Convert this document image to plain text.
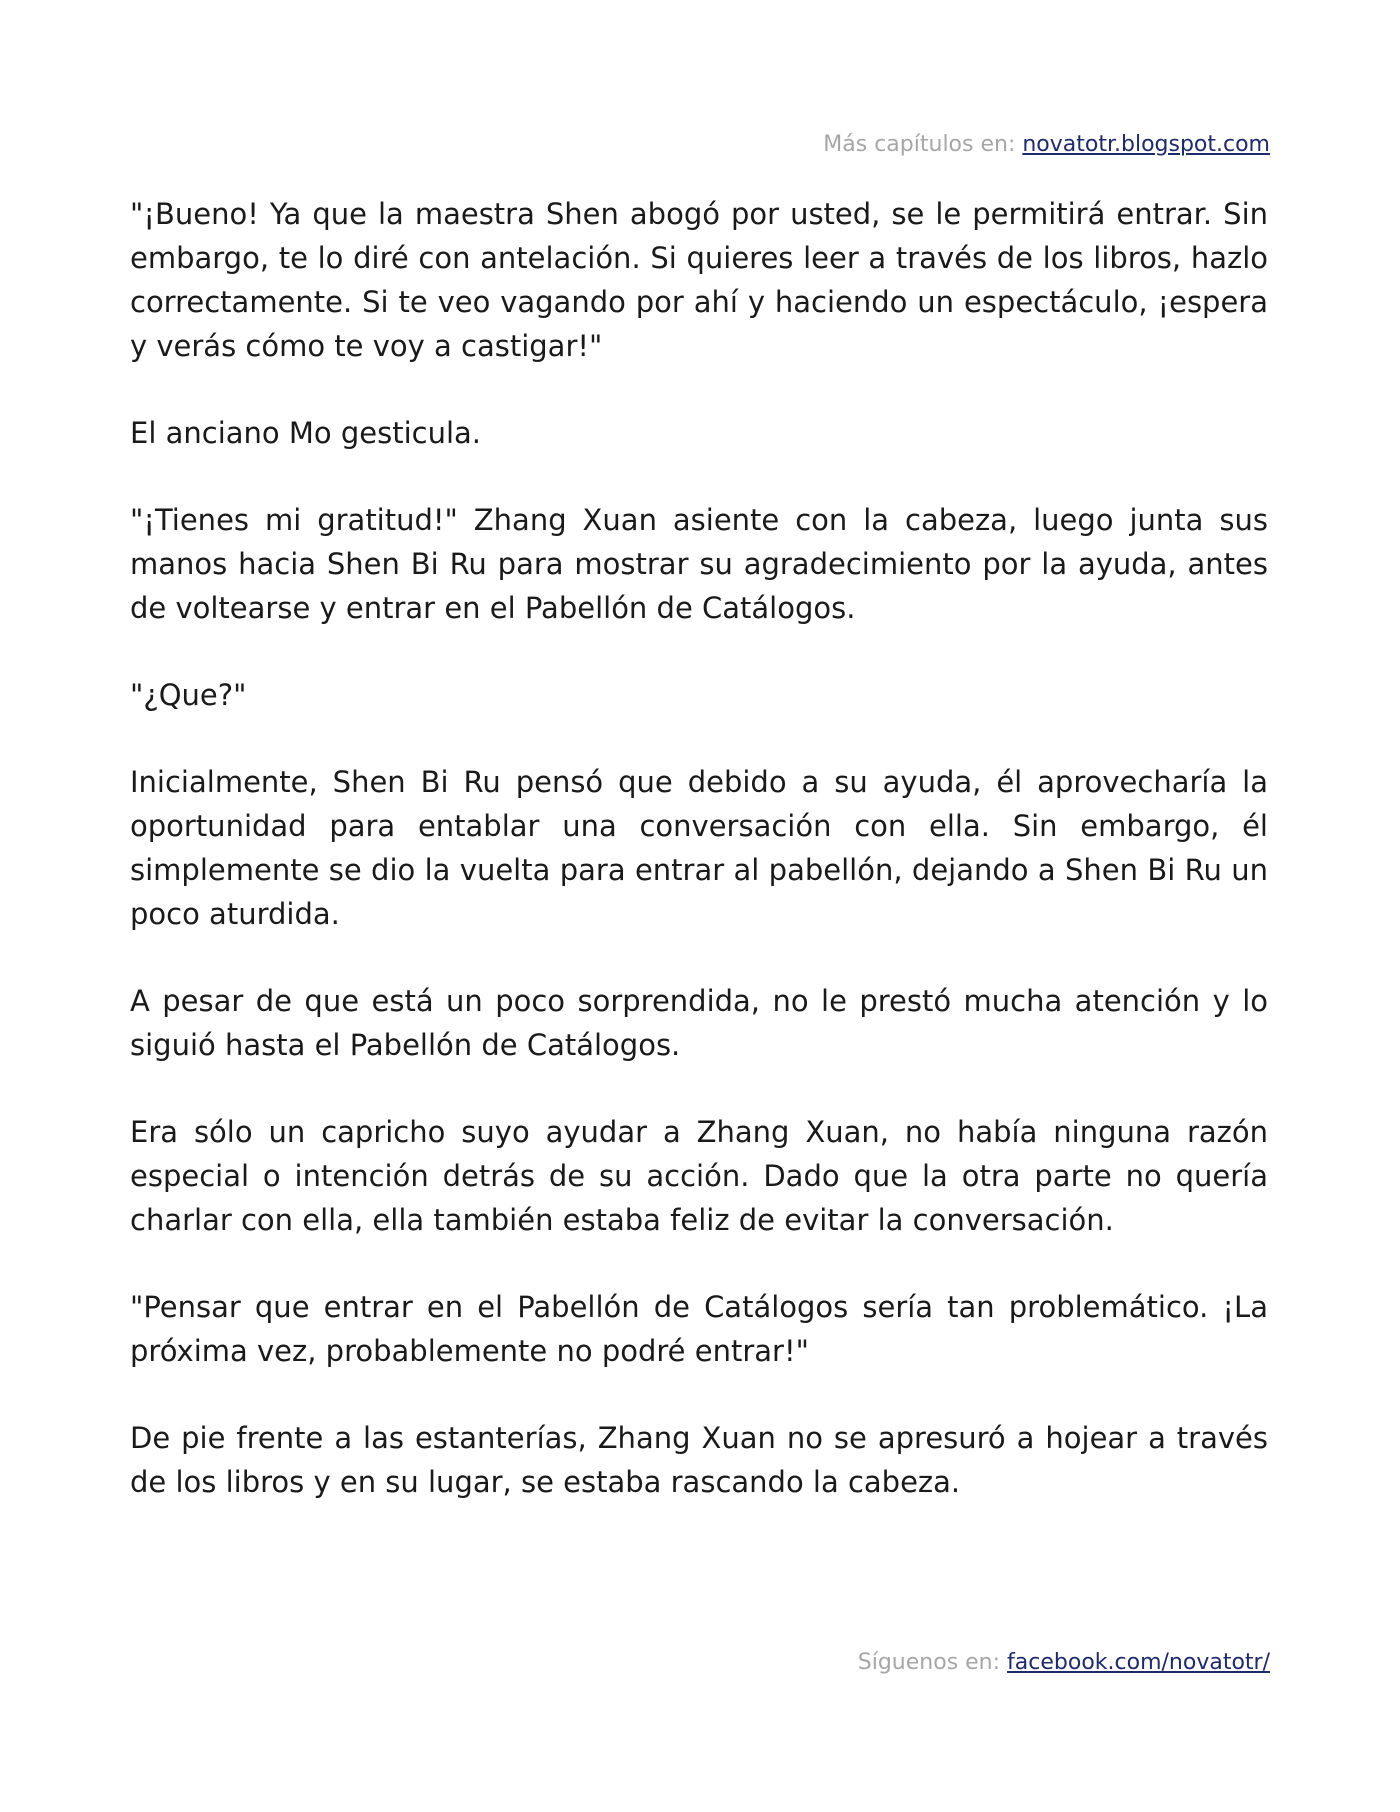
Más capítulos en: novatotr.blogspot.com

"¡Bueno! Ya que la maestra Shen abogó por usted, se le permitirá entrar. Sin embargo, te lo diré con antelación. Si quieres leer a través de los libros, hazlo correctamente. Si te veo vagando por ahí y haciendo un espectáculo, ¡espera y verás cómo te voy a castigar!"

El anciano Mo gesticula.

"¡Tienes mi gratitud!" Zhang Xuan asiente con la cabeza, luego junta sus manos hacia Shen Bi Ru para mostrar su agradecimiento por la ayuda, antes de voltearse y entrar en el Pabellón de Catálogos.

"¿Que?"

Inicialmente, Shen Bi Ru pensó que debido a su ayuda, él aprovecharía la oportunidad para entablar una conversación con ella. Sin embargo, él simplemente se dio la vuelta para entrar al pabellón, dejando a Shen Bi Ru un poco aturdida.

A pesar de que está un poco sorprendida, no le prestó mucha atención y lo siguió hasta el Pabellón de Catálogos.

Era sólo un capricho suyo ayudar a Zhang Xuan, no había ninguna razón especial o intención detrás de su acción. Dado que la otra parte no quería charlar con ella, ella también estaba feliz de evitar la conversación.

"Pensar que entrar en el Pabellón de Catálogos sería tan problemático. ¡La próxima vez, probablemente no podré entrar!"

De pie frente a las estanterías, Zhang Xuan no se apresuró a hojear a través de los libros y en su lugar, se estaba rascando la cabeza.

Síguenos en: facebook.com/novatotr/
